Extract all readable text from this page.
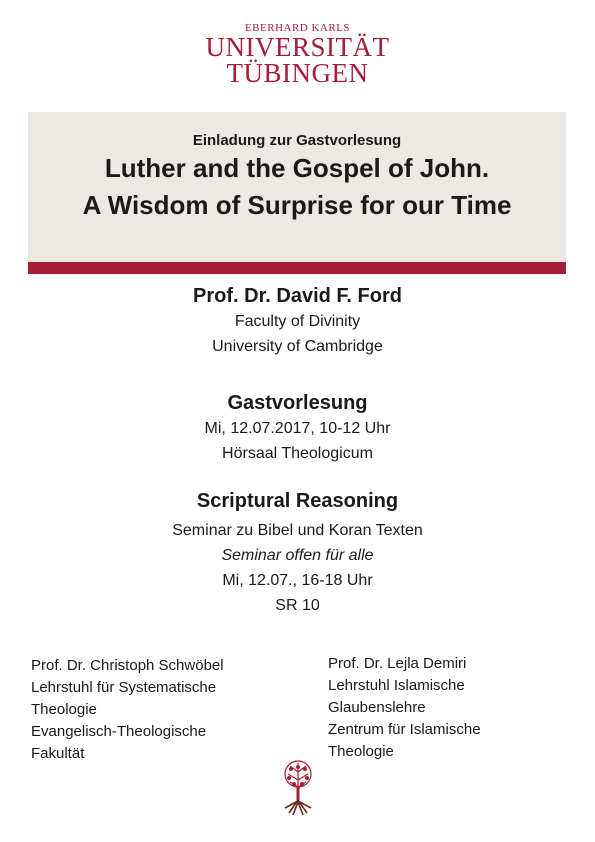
EBERHARD KARLS
UNIVERSITÄT
TÜBINGEN
Einladung zur Gastvorlesung
Luther and the Gospel of John.
A Wisdom of Surprise for our Time
Prof. Dr. David F. Ford
Faculty of Divinity
University of Cambridge
Gastvorlesung
Mi, 12.07.2017, 10-12 Uhr
Hörsaal Theologicum
Scriptural Reasoning
Seminar zu Bibel und Koran Texten
Seminar offen für alle
Mi, 12.07., 16-18 Uhr
SR 10
Prof. Dr. Christoph Schwöbel
Lehrstuhl für Systematische
Theologie
Evangelisch-Theologische
Fakultät
Prof. Dr. Lejla Demiri
Lehrstuhl Islamische
Glaubenslehre
Zentrum für Islamische
Theologie
